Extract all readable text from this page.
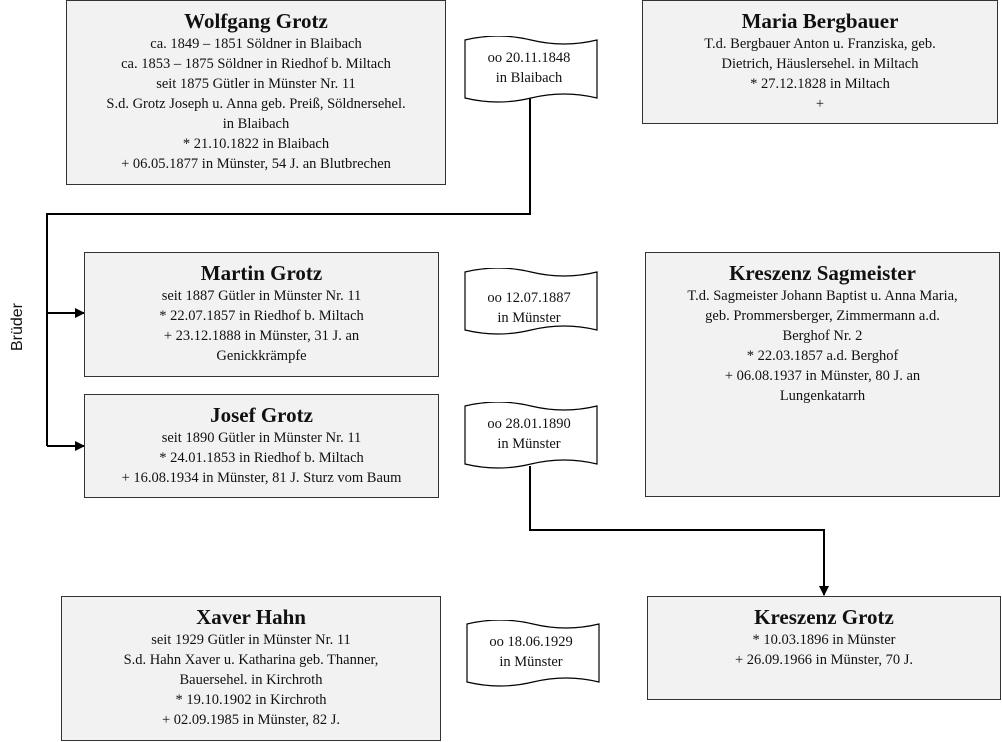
Brüder
Wolfgang Grotz
ca. 1849 – 1851 Söldner in Blaibach
ca. 1853 – 1875 Söldner in Riedhof b. Miltach
seit 1875 Gütler in Münster Nr. 11
S.d. Grotz Joseph u. Anna geb. Preiß, Söldnersehel.
in Blaibach
* 21.10.1822 in Blaibach
+ 06.05.1877 in Münster, 54 J. an Blutbrechen
Maria Bergbauer
T.d. Bergbauer Anton u. Franziska, geb.
Dietrich, Häuslersehel. in Miltach
* 27.12.1828 in Miltach
+
Martin Grotz
seit 1887 Gütler in Münster Nr. 11
* 22.07.1857 in Riedhof b. Miltach
+ 23.12.1888 in Münster, 31 J. an
Genickkrämpfe
Kreszenz Sagmeister
T.d. Sagmeister Johann Baptist u. Anna Maria,
geb. Prommersberger, Zimmermann a.d.
Berghof Nr. 2
* 22.03.1857 a.d. Berghof
+ 06.08.1937 in Münster, 80 J. an
Lungenkatarrh
Josef Grotz
seit 1890 Gütler in Münster Nr. 11
* 24.01.1853 in Riedhof b. Miltach
+ 16.08.1934 in Münster, 81 J. Sturz vom Baum
Xaver Hahn
seit 1929 Gütler in Münster Nr. 11
S.d. Hahn Xaver u. Katharina geb. Thanner,
Bauersehel. in Kirchroth
* 19.10.1902 in Kirchroth
+ 02.09.1985 in Münster, 82 J.
Kreszenz Grotz
* 10.03.1896 in Münster
+ 26.09.1966 in Münster, 70 J.
oo 20.11.1848
in Blaibach
oo 12.07.1887
in Münster
oo 28.01.1890
in Münster
oo 18.06.1929
in Münster
